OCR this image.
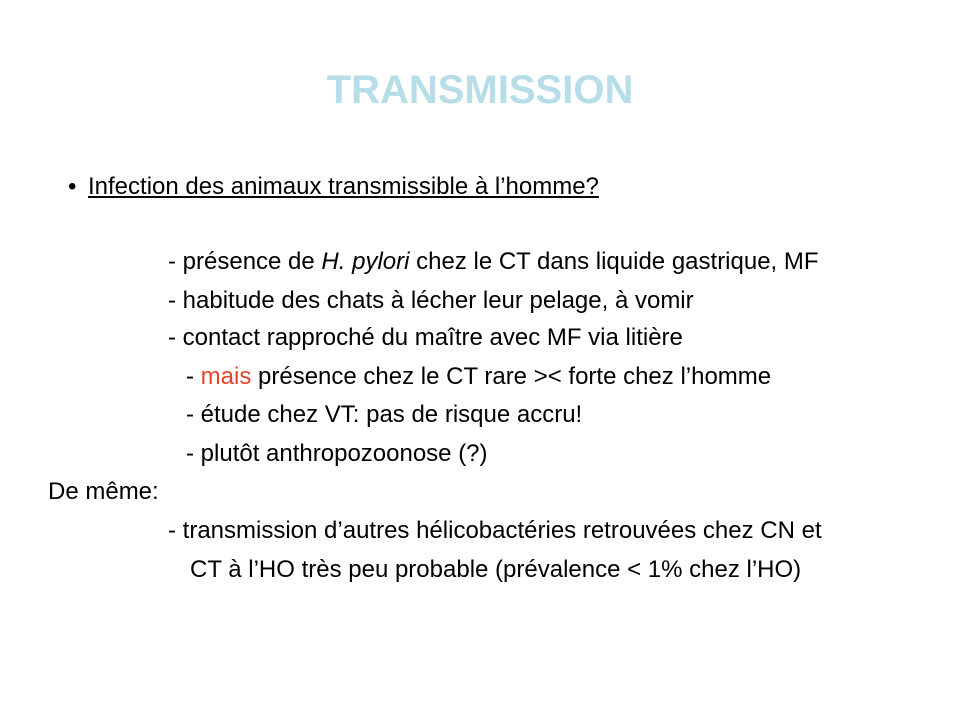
TRANSMISSION
• Infection des animaux transmissible à l’homme?
- présence de H. pylori chez le CT dans liquide gastrique, MF
- habitude des chats à lécher leur pelage, à vomir
- contact rapproché du maître avec MF via litière
- mais présence chez le CT rare >< forte chez l’homme
- étude chez VT: pas de risque accru!
- plutôt anthropozoonose (?)
De même:
- transmission d’autres hélicobactéries retrouvées chez CN et
CT à l’HO très peu probable (prévalence < 1% chez l’HO)
